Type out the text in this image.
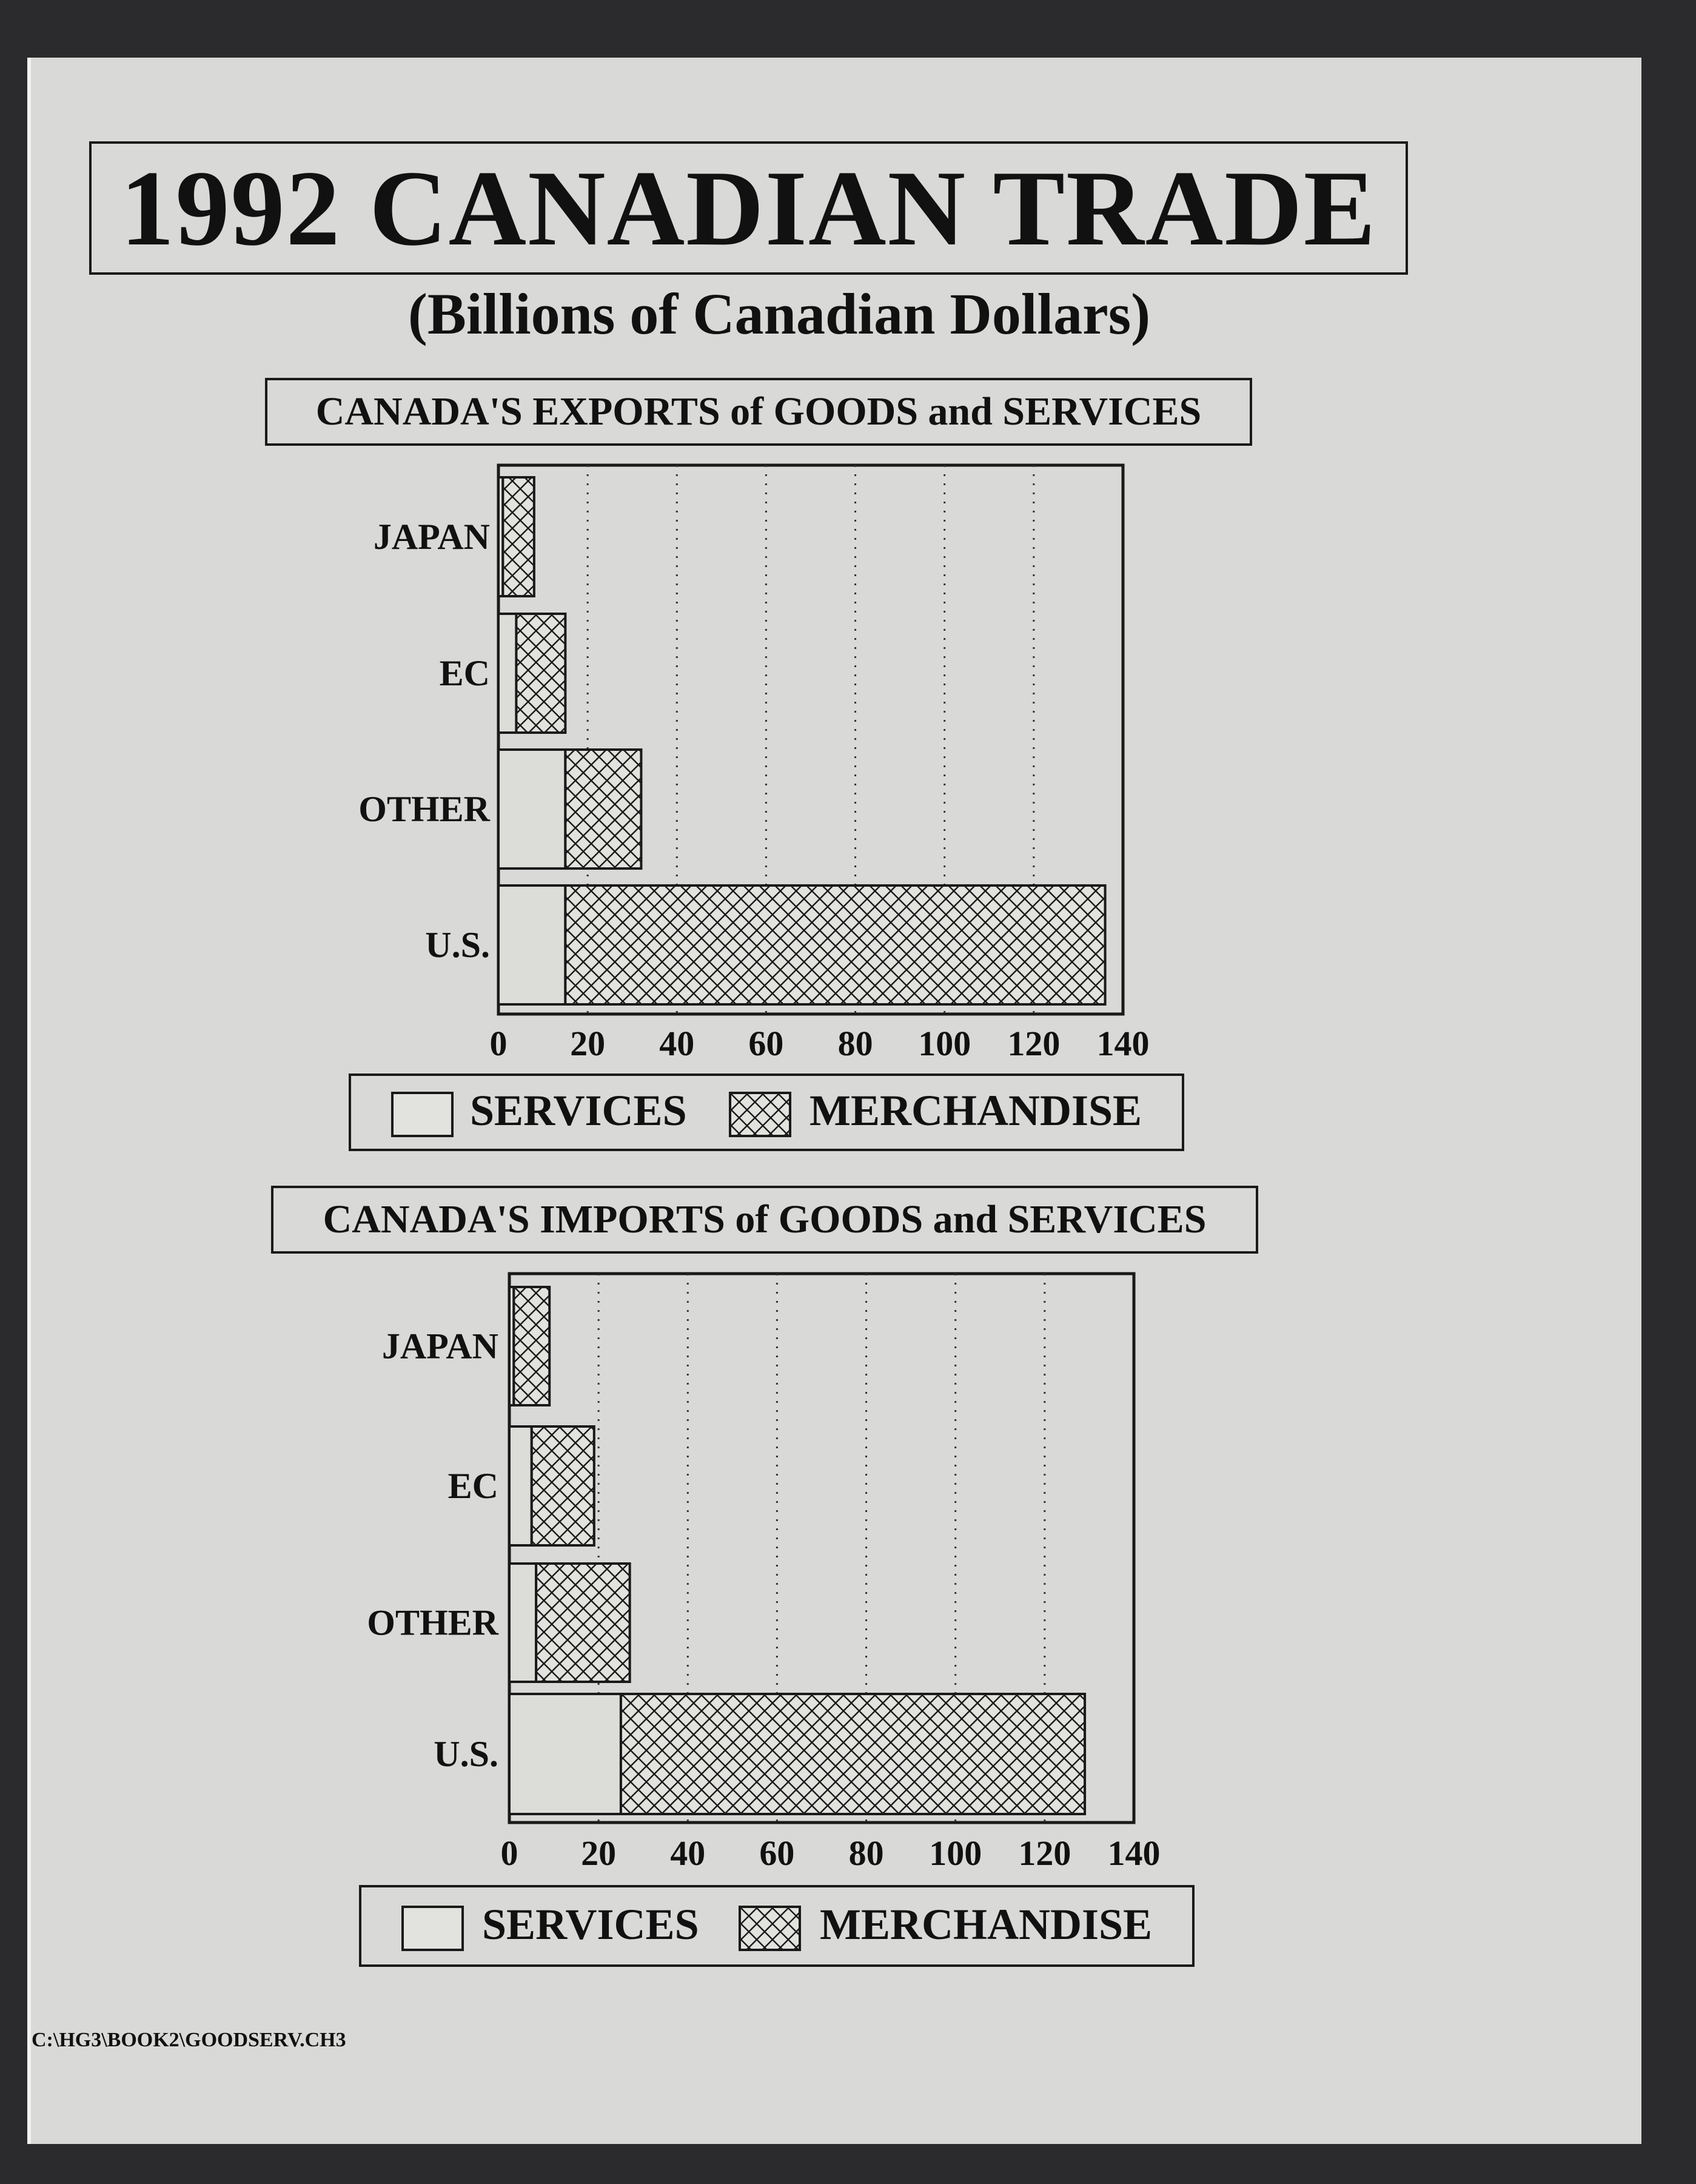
1992 CANADIAN TRADE
(Billions of Canadian Dollars)
CANADA'S EXPORTS of GOODS and SERVICES
CANADA'S IMPORTS of GOODS and SERVICES
0 20 40 60 80 100 120 140
JAPAN
EC
OTHER
U.S.
0 20 40 60 80 100 120 140
JAPAN
EC
OTHER
U.S.
SERVICES	MERCHANDISE
SERVICES	MERCHANDISE
C:\HG3\BOOK2\GOODSERV.CH3
